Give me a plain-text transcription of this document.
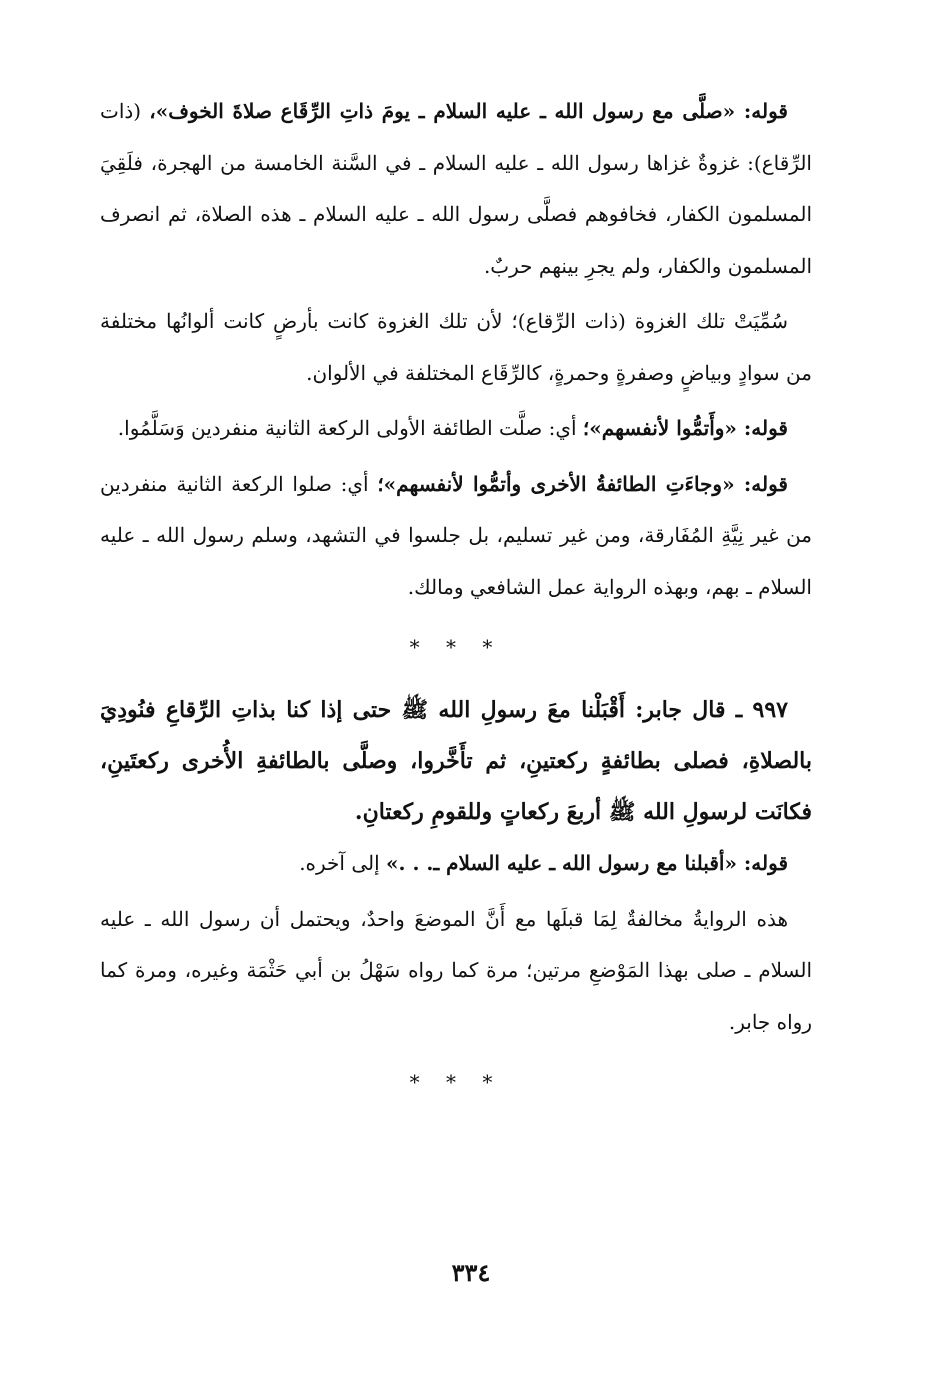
قوله: «صلَّى مع رسول الله ـ عليه السلام ـ يومَ ذاتِ الرِّقَاع صلاةَ الخوف»، (ذات الرِّقاع): غزوةٌ غزاها رسول الله ـ عليه السلام ـ في السَّنة الخامسة من الهجرة، فلَقِيَ المسلمون الكفار، فخافوهم فصلَّى رسول الله ـ عليه السلام ـ هذه الصلاة، ثم انصرف المسلمون والكفار، ولم يجرِ بينهم حربٌ.

سُمِّيَتْ تلك الغزوة (ذات الرِّقاع)؛ لأن تلك الغزوة كانت بأرضٍ كانت ألوانُها مختلفة من سوادٍ وبياضٍ وصفرةٍ وحمرةٍ، كالرِّقَاع المختلفة في الألوان.

قوله: «وأَتمُّوا لأنفسهم»؛ أي: صلَّت الطائفة الأولى الركعة الثانية منفردين وَسَلَّمُوا.

قوله: «وجاءَتِ الطائفةُ الأخرى وأتمُّوا لأنفسهم»؛ أي: صلوا الركعة الثانية منفردين من غير نِيَّةِ المُفَارقة، ومن غير تسليم، بل جلسوا في التشهد، وسلم رسول الله ـ عليه السلام ـ بهم، وبهذه الرواية عمل الشافعي ومالك.

* * *

٩٩٧ ـ قال جابر: أَقْبَلْنا معَ رسولِ الله ﷺ حتى إذا كنا بذاتِ الرِّقاعِ فنُودِيَ بالصلاةِ، فصلى بطائفةٍ ركعتينِ، ثم تأَخَّروا، وصلَّى بالطائفةِ الأُخرى ركعتَينِ، فكانَت لرسولِ الله ﷺ أربعَ ركعاتٍ وللقومِ ركعتانِ.

قوله: «أقبلنا مع رسول الله ـ عليه السلام ـ. . .» إلى آخره.

هذه الروايةُ مخالفةٌ لِمَا قبلَها مع أَنَّ الموضعَ واحدٌ، ويحتمل أن رسول الله ـ عليه السلام ـ صلى بهذا المَوْضعِ مرتين؛ مرة كما رواه سَهْلُ بن أبي حَثْمَة وغيره، ومرة كما رواه جابر.

* * *
٣٣٤
